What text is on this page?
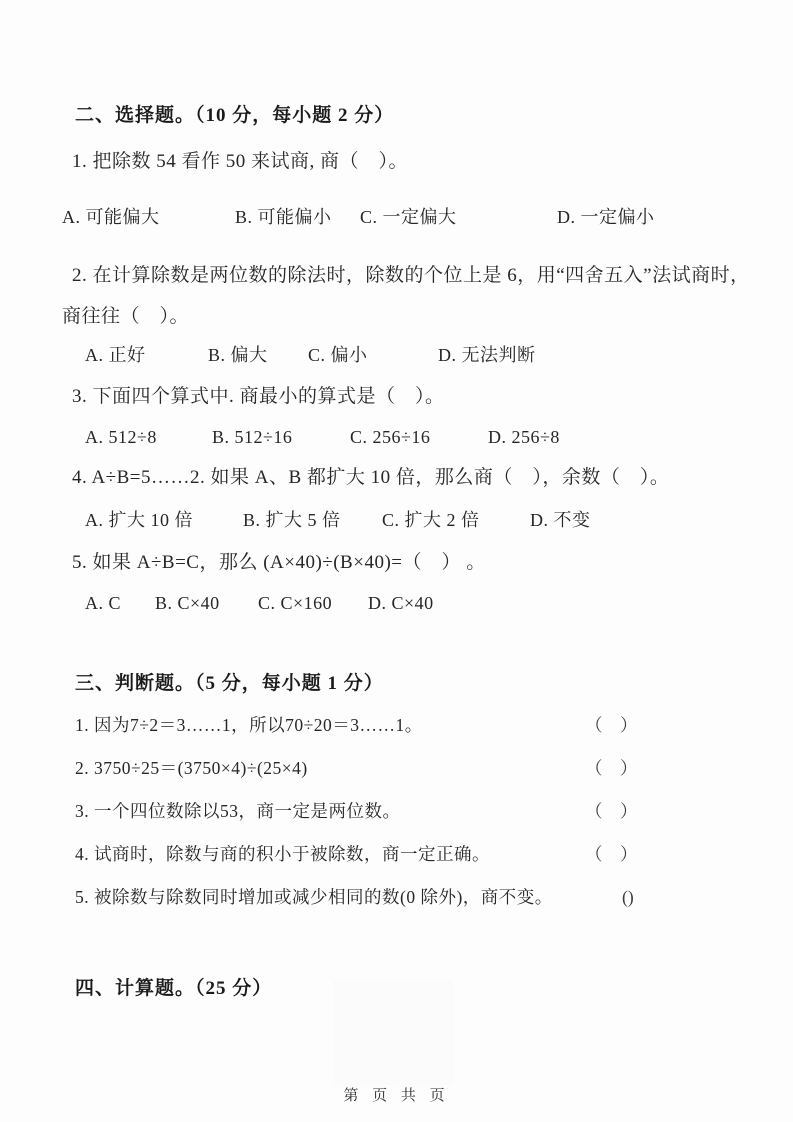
二、选择题。（10 分，每小题 2 分）
1. 把除数 54 看作 50 来试商, 商（　）。
A. 可能偏大	B. 可能偏小 C. 一定偏大	D. 一定偏小
2. 在计算除数是两位数的除法时，除数的个位上是 6，用“四舍五入”法试商时，
商往往（　）。
A. 正好	B. 偏大 C. 偏小	D. 无法判断
3. 下面四个算式中. 商最小的算式是（　）。
A. 512÷8	B. 512÷16	C. 256÷16	D. 256÷8
4. A÷B=5……2. 如果 A、B 都扩大 10 倍，那么商（　），余数（　）。
A. 扩大 10 倍	B. 扩大 5 倍 C. 扩大 2 倍	D. 不变
5. 如果 A÷B=C，那么 (A×40)÷(B×40)=（　） 。
A. C B. C×40 C. C×160 D. C×40
三、判断题。（5 分，每小题 1 分）
1. 因为7÷2＝3……1，所以70÷20＝3……1。	（　）
2. 3750÷25＝(3750×4)÷(25×4)	（　）
3. 一个四位数除以53，商一定是两位数。	（　）
4. 试商时，除数与商的积小于被除数，商一定正确。	（　）
5. 被除数与除数同时增加或减少相同的数(0 除外)，商不变。	()
四、计算题。（25 分）
第 页 共 页
